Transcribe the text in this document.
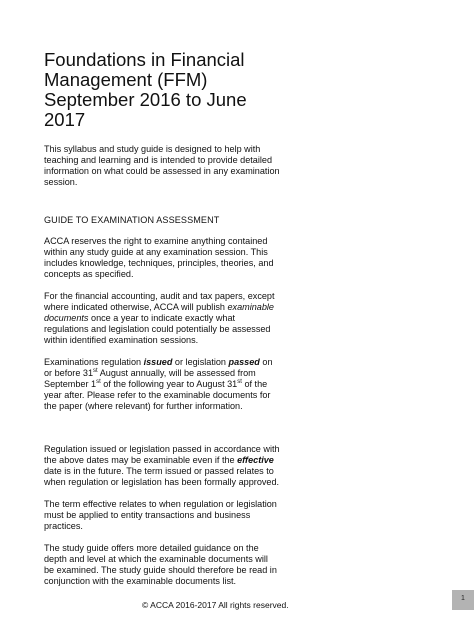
Foundations in Financial
Management (FFM)
September 2016 to June
2017

This syllabus and study guide is designed to help with teaching and learning and is intended to provide detailed information on what could be assessed in any examination session.

GUIDE TO EXAMINATION ASSESSMENT

ACCA reserves the right to examine anything contained within any study guide at any examination session. This includes knowledge, techniques, principles, theories, and concepts as specified.

For the financial accounting, audit and tax papers, except where indicated otherwise, ACCA will publish examinable documents once a year to indicate exactly what regulations and legislation could potentially be assessed within identified examination sessions.

Examinations regulation issued or legislation passed on or before 31st August annually, will be assessed from September 1st of the following year to August 31st of the year after. Please refer to the examinable documents for the paper (where relevant) for further information.

Regulation issued or legislation passed in accordance with the above dates may be examinable even if the effective date is in the future. The term issued or passed relates to when regulation or legislation has been formally approved.

The term effective relates to when regulation or legislation must be applied to entity transactions and business practices.

The study guide offers more detailed guidance on the depth and level at which the examinable documents will be examined. The study guide should therefore be read in conjunction with the examinable documents list.

© ACCA 2016-2017 All rights reserved.
1
